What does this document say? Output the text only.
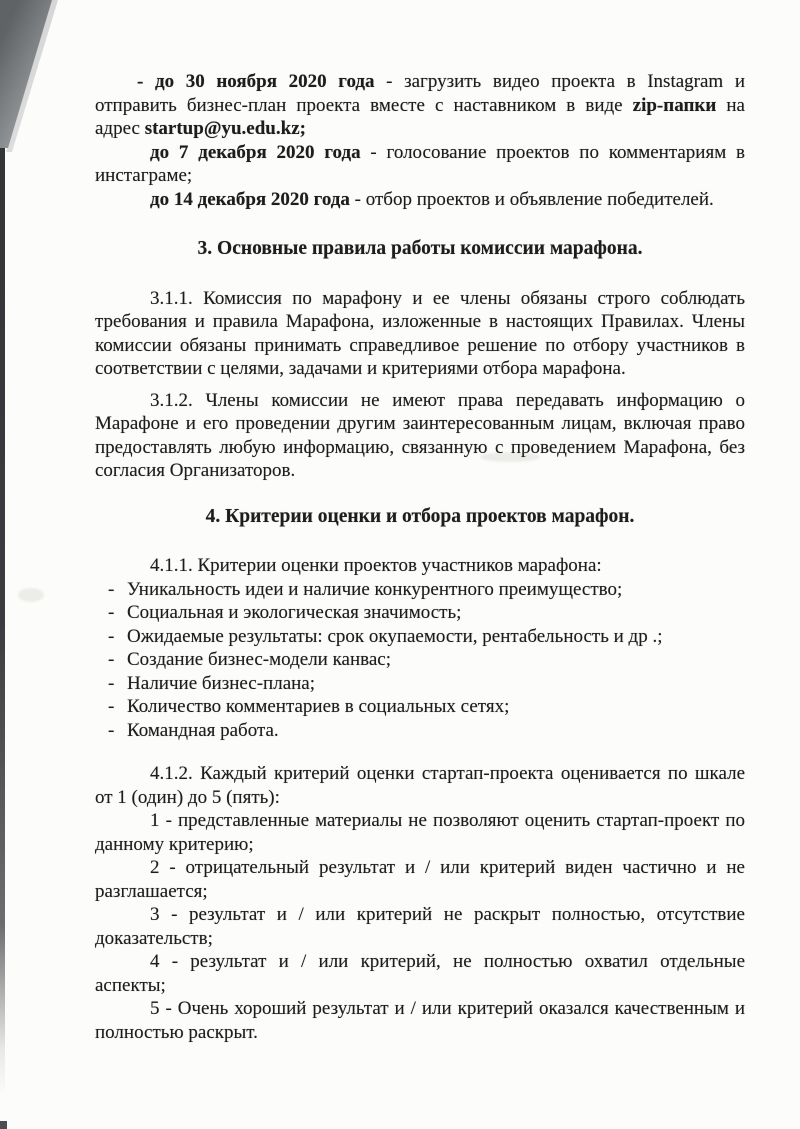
- до 30 ноября 2020 года - загрузить видео проекта в Instagram и отправить бизнес-план проекта вместе с наставником в виде zip-папки на адрес startup@yu.edu.kz;

до 7 декабря 2020 года - голосование проектов по комментариям в инстаграме;

до 14 декабря 2020 года - отбор проектов и объявление победителей.

3. Основные правила работы комиссии марафона.

3.1.1. Комиссия по марафону и ее члены обязаны строго соблюдать требования и правила Марафона, изложенные в настоящих Правилах. Члены комиссии обязаны принимать справедливое решение по отбору участников в соответствии с целями, задачами и критериями отбора марафона.

3.1.2. Члены комиссии не имеют права передавать информацию о Марафоне и его проведении другим заинтересованным лицам, включая право предоставлять любую информацию, связанную с проведением Марафона, без согласия Организаторов.

4. Критерии оценки и отбора проектов марафон.

4.1.1. Критерии оценки проектов участников марафона:

- Уникальность идеи и наличие конкурентного преимущество;
- Социальная и экологическая значимость;
- Ожидаемые результаты: срок окупаемости, рентабельность и др .;
- Создание бизнес-модели канвас;
- Наличие бизнес-плана;
- Количество комментариев в социальных сетях;
- Командная работа.

4.1.2. Каждый критерий оценки стартап-проекта оценивается по шкале от 1 (один) до 5 (пять):

1 - представленные материалы не позволяют оценить стартап-проект по данному критерию;

2 - отрицательный результат и / или критерий виден частично и не разглашается;

3 - результат и / или критерий не раскрыт полностью, отсутствие доказательств;

4 - результат и / или критерий, не полностью охватил отдельные аспекты;

5 - Очень хороший результат и / или критерий оказался качественным и полностью раскрыт.
